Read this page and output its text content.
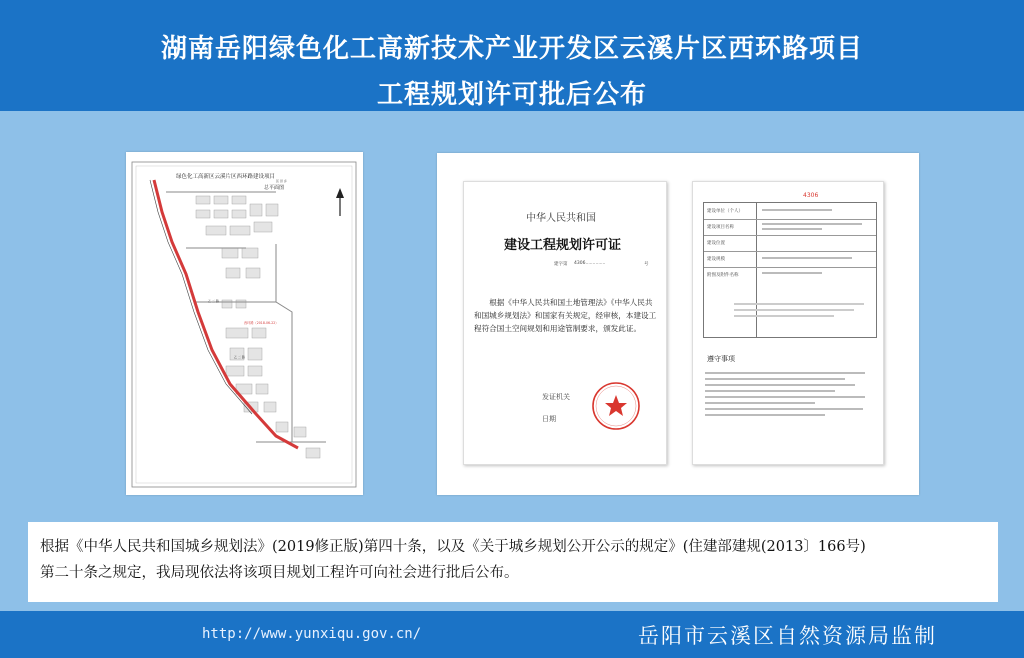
湖南岳阳绿色化工高新技术产业开发区云溪片区西环路项目
工程规划许可批后公布
区 县 乡
乙 二 路
乙 二 路
西环路（2018-06-22）
绿色化工高新区云溪片区西环路建设项目
总平面图
中华人民共和国
建设工程规划许可证
建字第 4306..............	号
根据《中华人民共和国土地管理法》《中华人民共和国城乡规划法》和国家有关规定，经审核，本建设工程符合国土空间规划和用途管制要求，颁发此证。
发证机关
日期
4306
建设单位（个人）
建设项目名称
建设位置
建设规模
附图及附件名称
遵守事项
根据《中华人民共和国城乡规划法》(2019修正版)第四十条，以及《关于城乡规划公开公示的规定》(住建部建规(2013〕166号)
第二十条之规定，我局现依法将该项目规划工程许可向社会进行批后公布。
http://www.yunxiqu.gov.cn/	岳阳市云溪区自然资源局监制
